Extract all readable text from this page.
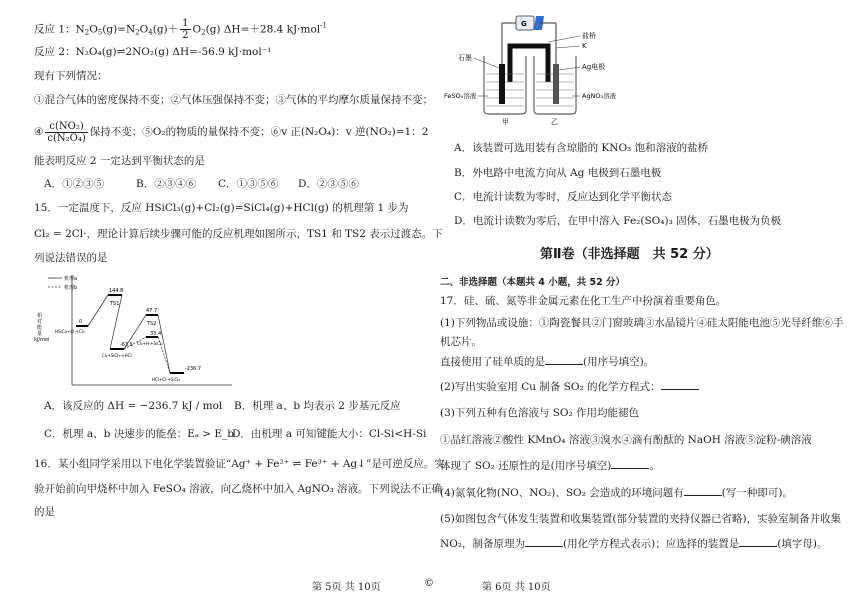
反应 1：$N_2O_5(g)=N_2O_4(g)+ \frac{1}{2} O_2(g)$ ΔH=＋28.4 kJ·mol$^{-1}$
反应 2：N₂O₄(g)⇌2NO₂(g) ΔH=-56.9 kJ·mol⁻¹
现有下列情况：
①混合气体的密度保持不变；②气体压强保持不变；③气体的平均摩尔质量保持不变；
④ $\frac{\text{c(NO₂)}}{\text{c(N₂O₄)}}$ 保持不变；⑤O₂的物质的量保持不变；⑥v 正(N₂O₄)：v 逆(NO₂)=1：2
能表明反应 2 一定达到平衡状态的是
A．①②③⑤	B．②③④⑥ C．①③⑤⑥ D．②③⑤⑥
15．一定温度下，反应 HSiCl₃(g)+Cl₂(g)=SiCl₄(g)+HCl(g) 的机理第 1 步为
Cl₂ = 2Cl·，理论计算后续步骤可能的反应机理如图所示，TS1 和 TS2 表示过渡态。下
列说法错误的是
机理a
机理b
相对能量 kJ/mol
0
HSiCl₃+Cl·+Cl₂
144.8
TS1
-63.5
Cl₂+SiCl₃·+HCl
47.7
TS2
33.4
Cl₂+H·+SiCl₄
-236.7
HCl+Cl·+SiCl₄
A．该反应的 ΔH = −236.7 kJ / mol B．机理 a、b 均表示 2 步基元反应
C．机理 a、b 决速步的能垒：Eₐ > E_b
D．由机理 a 可知键能大小：Cl-Si<H-Si
16．某小组同学采用以下电化学装置验证“Ag⁺ + Fe²⁺ ⇌ Fe³⁺ + Ag↓”是可逆反应。实
验开始前向甲烧杯中加入 FeSO₄ 溶液，向乙烧杯中加入 AgNO₃ 溶液。下列说法不正确
的是
G
盐桥
K
石墨
Ag电极
FeSO₄溶液	AgNO₃溶液
甲	乙
A．该装置可选用装有含琼脂的 KNO₃ 饱和溶液的盐桥
B．外电路中电流方向从 Ag 电极到石墨电极
C．电流计读数为零时，反应达到化学平衡状态
D．电流计读数为零后，在甲中溶入 Fe₂(SO₄)₃ 固体，石墨电极为负极
第Ⅱ卷（非选择题　共 52 分）
二、非选择题（本题共 4 小题，共 52 分）
17．硅、硫、氮等非金属元素在化工生产中扮演着重要角色。
(1)下列物品或设施：①陶瓷餐具②门窗玻璃③水晶镜片④硅太阳能电池⑤光导纤维⑥手
机芯片。
直接使用了硅单质的是	(用序号填空)。
(2)写出实验室用 Cu 制备 SO₂ 的化学方程式：
(3)下列五种有色溶液与 SO₂ 作用均能褪色
①品红溶液②酸性 KMnO₄ 溶液③溴水④滴有酚酞的 NaOH 溶液⑤淀粉-碘溶液
体现了 SO₂ 还原性的是(用序号填空)	。
(4)氮氧化物(NO、NO₂)、SO₂ 会造成的环境问题有	(写一种即可)。
(5)如图包含气体发生装置和收集装置(部分装置的夹持仪器已省略)，实验室制备并收集
NO₂，制备原理为	(用化学方程式表示)；应选择的装置是	(填字母)。
第 5页 共 10页	©	第 6页 共 10页
